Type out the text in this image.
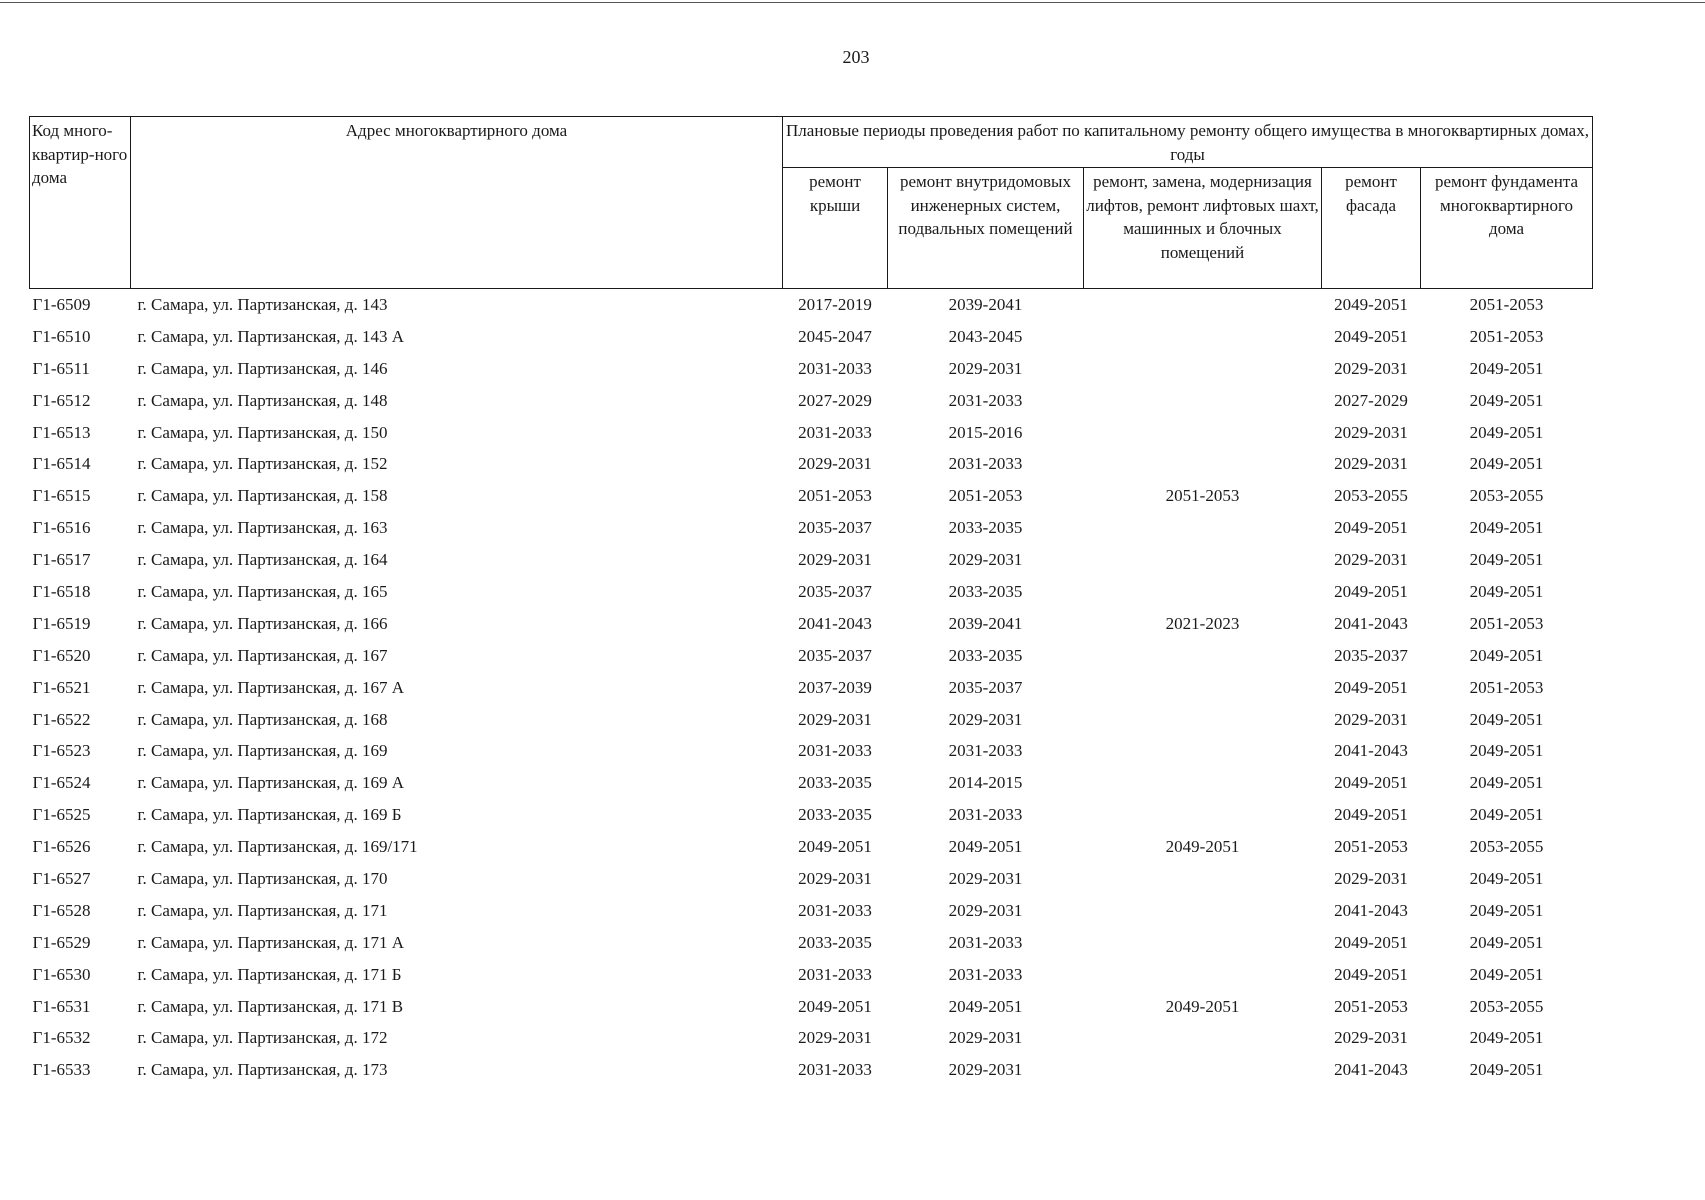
203
Код много-квартир-ного дома	Адрес многоквартирного дома	Плановые периоды проведения работ по капитальному ремонту общего имущества в многоквартирных домах, годы				
		ремонт крыши	ремонт внутридомовых инженерных систем, подвальных помещений	ремонт, замена, модернизация лифтов, ремонт лифтовых шахт, машинных и блочных помещений	ремонт фасада	ремонт фундамента многоквартирного дома
Г1-6509	г. Самара, ул. Партизанская, д. 143	2017-2019	2039-2041		2049-2051	2051-2053
Г1-6510	г. Самара, ул. Партизанская, д. 143 А	2045-2047	2043-2045		2049-2051	2051-2053
Г1-6511	г. Самара, ул. Партизанская, д. 146	2031-2033	2029-2031		2029-2031	2049-2051
Г1-6512	г. Самара, ул. Партизанская, д. 148	2027-2029	2031-2033		2027-2029	2049-2051
Г1-6513	г. Самара, ул. Партизанская, д. 150	2031-2033	2015-2016		2029-2031	2049-2051
Г1-6514	г. Самара, ул. Партизанская, д. 152	2029-2031	2031-2033		2029-2031	2049-2051
Г1-6515	г. Самара, ул. Партизанская, д. 158	2051-2053	2051-2053	2051-2053	2053-2055	2053-2055
Г1-6516	г. Самара, ул. Партизанская, д. 163	2035-2037	2033-2035		2049-2051	2049-2051
Г1-6517	г. Самара, ул. Партизанская, д. 164	2029-2031	2029-2031		2029-2031	2049-2051
Г1-6518	г. Самара, ул. Партизанская, д. 165	2035-2037	2033-2035		2049-2051	2049-2051
Г1-6519	г. Самара, ул. Партизанская, д. 166	2041-2043	2039-2041	2021-2023	2041-2043	2051-2053
Г1-6520	г. Самара, ул. Партизанская, д. 167	2035-2037	2033-2035		2035-2037	2049-2051
Г1-6521	г. Самара, ул. Партизанская, д. 167 А	2037-2039	2035-2037		2049-2051	2051-2053
Г1-6522	г. Самара, ул. Партизанская, д. 168	2029-2031	2029-2031		2029-2031	2049-2051
Г1-6523	г. Самара, ул. Партизанская, д. 169	2031-2033	2031-2033		2041-2043	2049-2051
Г1-6524	г. Самара, ул. Партизанская, д. 169 А	2033-2035	2014-2015		2049-2051	2049-2051
Г1-6525	г. Самара, ул. Партизанская, д. 169 Б	2033-2035	2031-2033		2049-2051	2049-2051
Г1-6526	г. Самара, ул. Партизанская, д. 169/171	2049-2051	2049-2051	2049-2051	2051-2053	2053-2055
Г1-6527	г. Самара, ул. Партизанская, д. 170	2029-2031	2029-2031		2029-2031	2049-2051
Г1-6528	г. Самара, ул. Партизанская, д. 171	2031-2033	2029-2031		2041-2043	2049-2051
Г1-6529	г. Самара, ул. Партизанская, д. 171 А	2033-2035	2031-2033		2049-2051	2049-2051
Г1-6530	г. Самара, ул. Партизанская, д. 171 Б	2031-2033	2031-2033		2049-2051	2049-2051
Г1-6531	г. Самара, ул. Партизанская, д. 171 В	2049-2051	2049-2051	2049-2051	2051-2053	2053-2055
Г1-6532	г. Самара, ул. Партизанская, д. 172	2029-2031	2029-2031		2029-2031	2049-2051
Г1-6533	г. Самара, ул. Партизанская, д. 173	2031-2033	2029-2031		2041-2043	2049-2051
